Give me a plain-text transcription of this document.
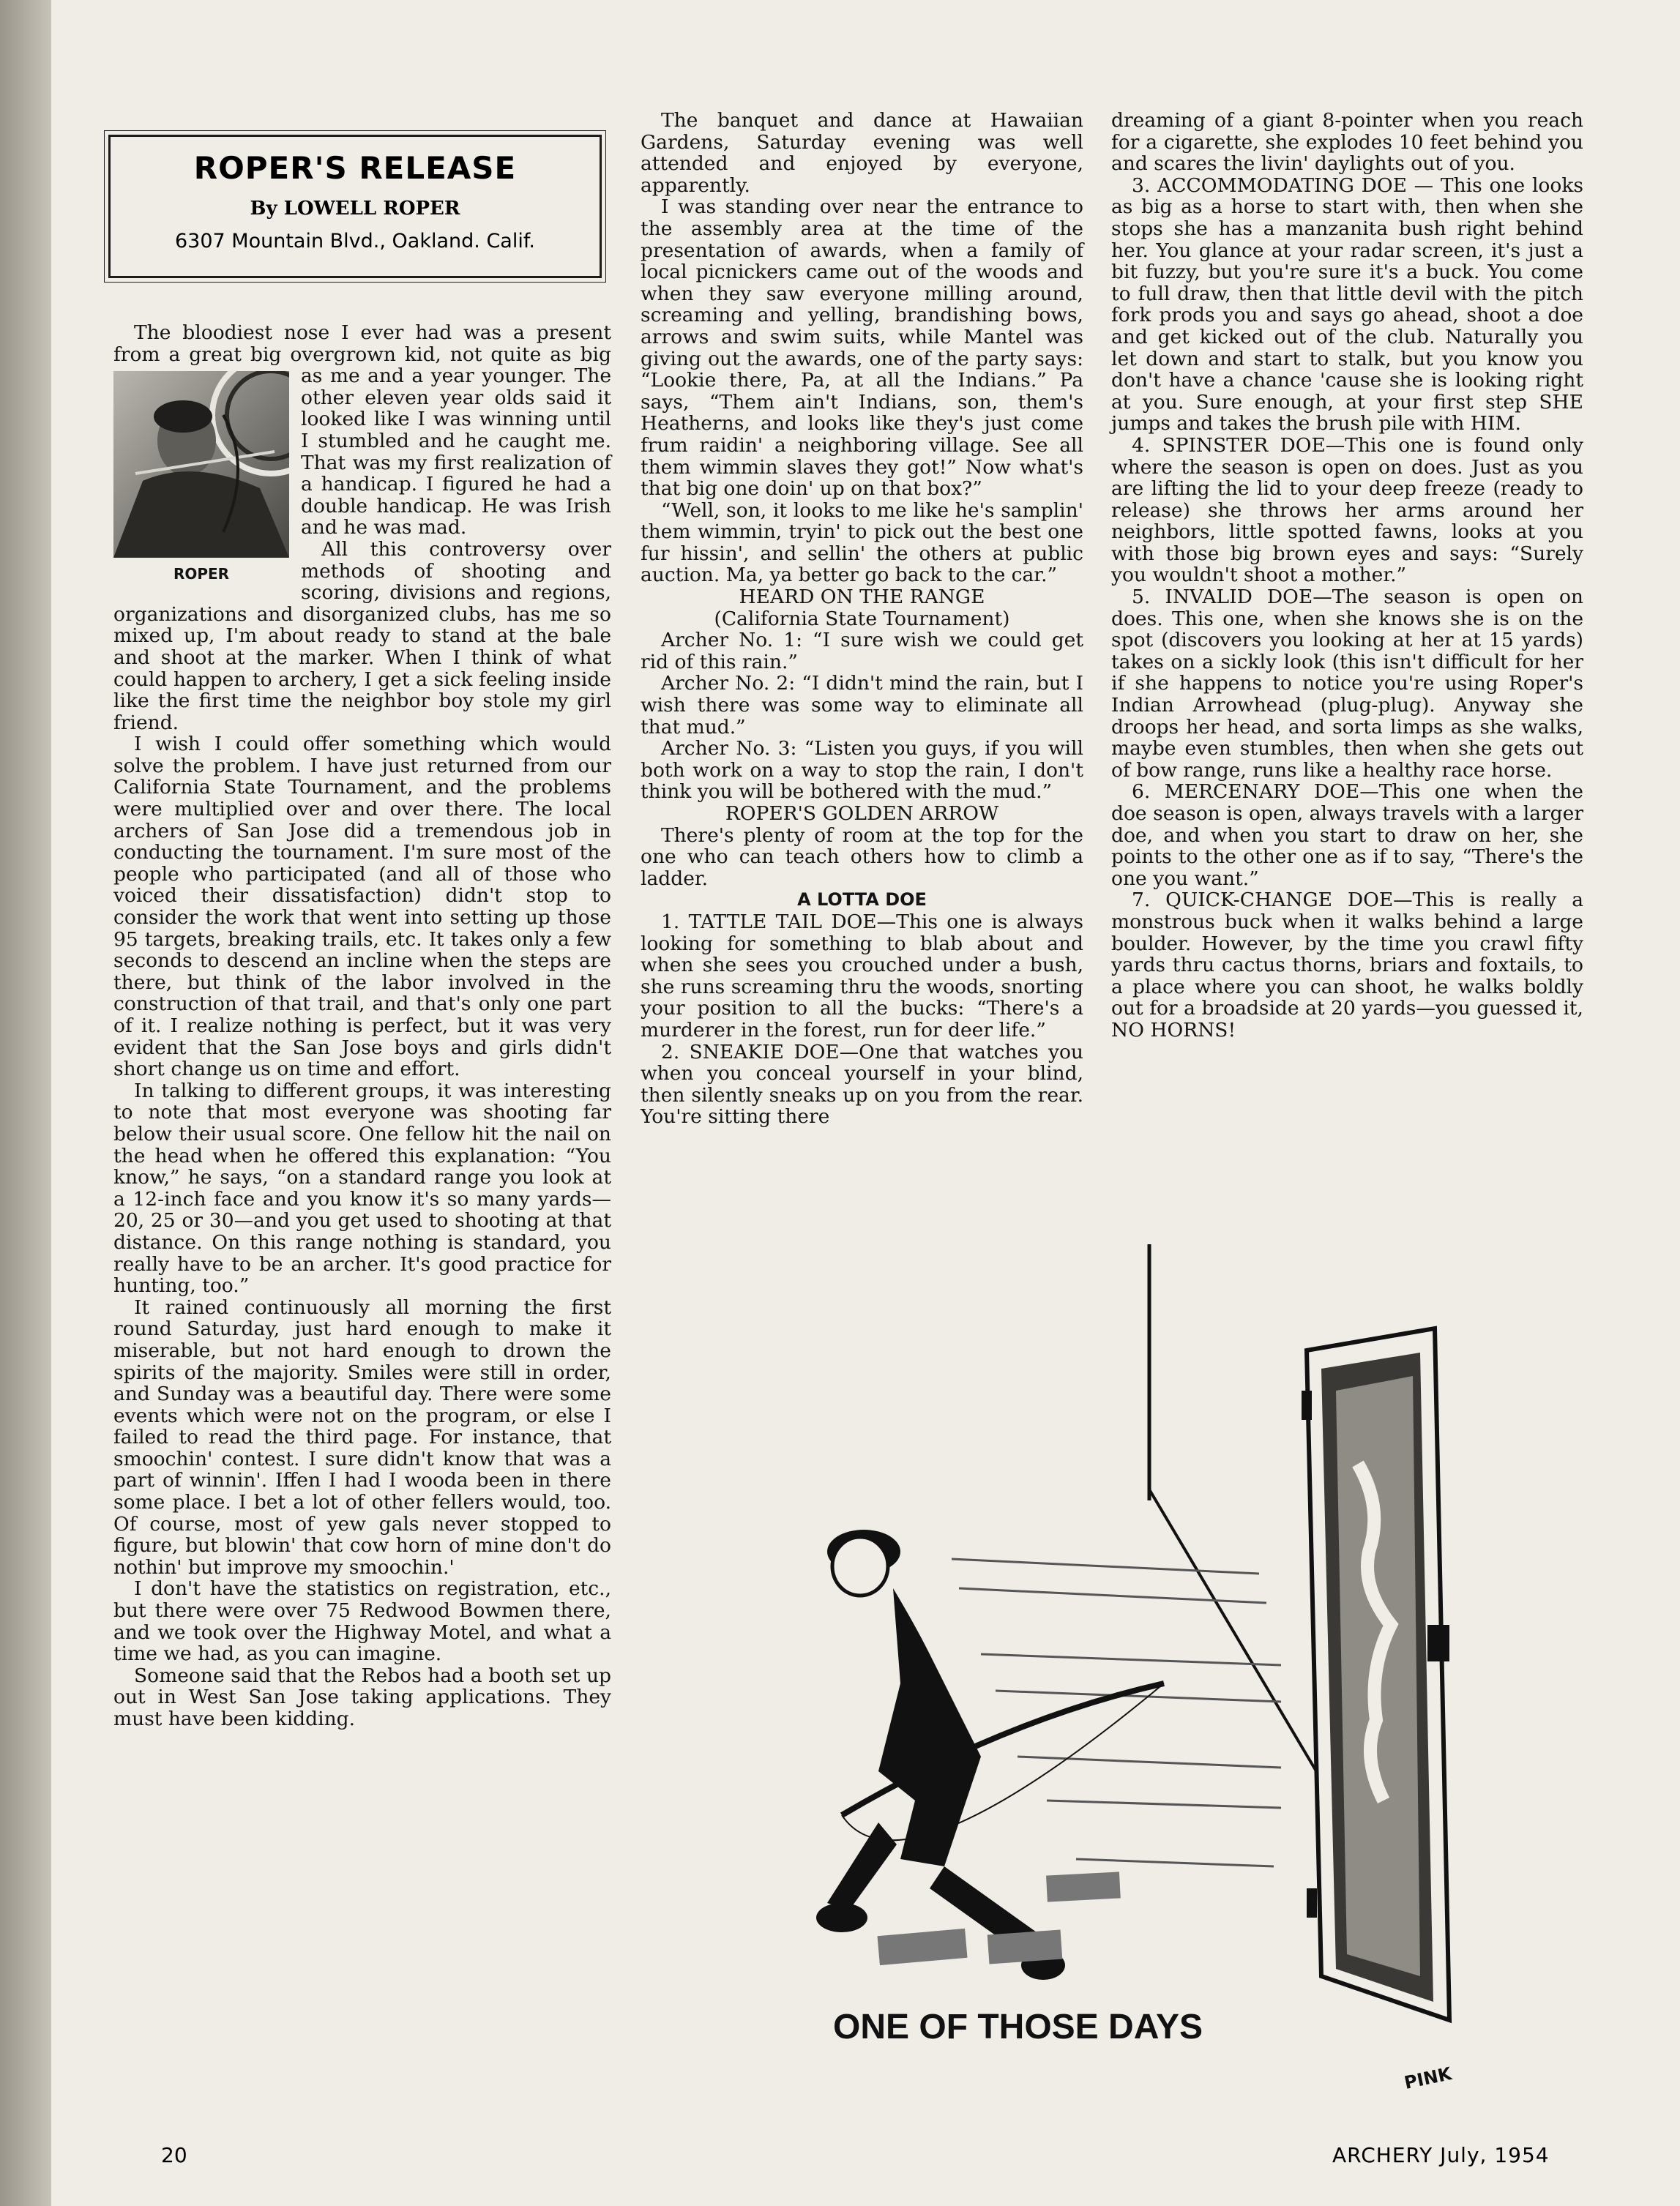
ROPER'S RELEASE
By LOWELL ROPER
6307 Mountain Blvd., Oakland. Calif.

The bloodiest nose I ever had was a present from a great big overgrown kid, not quite as big as me and a year
ROPER
younger. The other eleven year olds said it looked like I was winning until I stumbled and he caught me. That was my first realization of a handicap. I figured he had a double handicap. He was Irish and he was mad.

All this controversy over methods of shooting and scoring, divisions and regions, organizations and disorganized clubs, has me so mixed up, I'm about ready to stand at the bale and shoot at the marker. When I think of what could happen to archery, I get a sick feeling inside like the first time the neighbor boy stole my girl friend.

I wish I could offer something which would solve the problem. I have just returned from our California State Tournament, and the problems were multiplied over and over there. The local archers of San Jose did a tremendous job in conducting the tournament. I'm sure most of the people who participated (and all of those who voiced their dissatisfaction) didn't stop to consider the work that went into setting up those 95 targets, breaking trails, etc. It takes only a few seconds to descend an incline when the steps are there, but think of the labor involved in the construction of that trail, and that's only one part of it. I realize nothing is perfect, but it was very evident that the San Jose boys and girls didn't short change us on time and effort.

In talking to different groups, it was interesting to note that most everyone was shooting far below their usual score. One fellow hit the nail on the head when he offered this explanation: “You know,” he says, “on a standard range you look at a 12-inch face and you know it's so many yards—20, 25 or 30—and you get used to shooting at that distance. On this range nothing is standard, you really have to be an archer. It's good practice for hunting, too.”

It rained continuously all morning the first round Saturday, just hard enough to make it miserable, but not hard enough to drown the spirits of the majority. Smiles were still in order, and Sunday was a beautiful day. There were some events which were not on the program, or else I failed to read the third page. For instance, that smoochin' contest. I sure didn't know that was a part of winnin'. Iffen I had I wooda been in there some place. I bet a lot of other fellers would, too. Of course, most of yew gals never stopped to figure, but blowin' that cow horn of mine don't do nothin' but improve my smoochin.'

I don't have the statistics on registration, etc., but there were over 75 Redwood Bowmen there, and we took over the Highway Motel, and what a time we had, as you can imagine.

Someone said that the Rebos had a booth set up out in West San Jose taking applications. They must have been kidding.

The banquet and dance at Hawaiian Gardens, Saturday evening was well attended and enjoyed by everyone, apparently.

I was standing over near the entrance to the assembly area at the time of the presentation of awards, when a family of local picnickers came out of the woods and when they saw everyone milling around, screaming and yelling, brandishing bows, arrows and swim suits, while Mantel was giving out the awards, one of the party says: “Lookie there, Pa, at all the Indians.” Pa says, “Them ain't Indians, son, them's Heatherns, and looks like they's just come frum raidin' a neighboring village. See all them wimmin slaves they got!” Now what's that big one doin' up on that box?”

“Well, son, it looks to me like he's samplin' them wimmin, tryin' to pick out the best one fur hissin', and sellin' the others at public auction. Ma, ya better go back to the car.”

HEARD ON THE RANGE

(California State Tournament)

Archer No. 1: “I sure wish we could get rid of this rain.”

Archer No. 2: “I didn't mind the rain, but I wish there was some way to eliminate all that mud.”

Archer No. 3: “Listen you guys, if you will both work on a way to stop the rain, I don't think you will be bothered with the mud.”

ROPER'S GOLDEN ARROW

There's plenty of room at the top for the one who can teach others how to climb a ladder.

A LOTTA DOE

1. TATTLE TAIL DOE—This one is always looking for something to blab about and when she sees you crouched under a bush, she runs screaming thru the woods, snorting your position to all the bucks: “There's a murderer in the forest, run for deer life.”

2. SNEAKIE DOE—One that watches you when you conceal yourself in your blind, then silently sneaks up on you from the rear. You're sitting there

dreaming of a giant 8-pointer when you reach for a cigarette, she explodes 10 feet behind you and scares the livin' daylights out of you.

3. ACCOMMODATING DOE — This one looks as big as a horse to start with, then when she stops she has a manzanita bush right behind her. You glance at your radar screen, it's just a bit fuzzy, but you're sure it's a buck. You come to full draw, then that little devil with the pitch fork prods you and says go ahead, shoot a doe and get kicked out of the club. Naturally you let down and start to stalk, but you know you don't have a chance 'cause she is looking right at you. Sure enough, at your first step SHE jumps and takes the brush pile with HIM.

4. SPINSTER DOE—This one is found only where the season is open on does. Just as you are lifting the lid to your deep freeze (ready to release) she throws her arms around her neighbors, little spotted fawns, looks at you with those big brown eyes and says: “Surely you wouldn't shoot a mother.”

5. INVALID DOE—The season is open on does. This one, when she knows she is on the spot (discovers you looking at her at 15 yards) takes on a sickly look (this isn't difficult for her if she happens to notice you're using Roper's Indian Arrowhead (plug-plug). Anyway she droops her head, and sorta limps as she walks, maybe even stumbles, then when she gets out of bow range, runs like a healthy race horse.

6. MERCENARY DOE—This one when the doe season is open, always travels with a larger doe, and when you start to draw on her, she points to the other one as if to say, “There's the one you want.”

7. QUICK-CHANGE DOE—This is really a monstrous buck when it walks behind a large boulder. However, by the time you crawl fifty yards thru cactus thorns, briars and foxtails, to a place where you can shoot, he walks boldly out for a broadside at 20 yards—you guessed it, NO HORNS!

ONE OF THOSE DAYS
PINK
20	ARCHERY July, 1954
